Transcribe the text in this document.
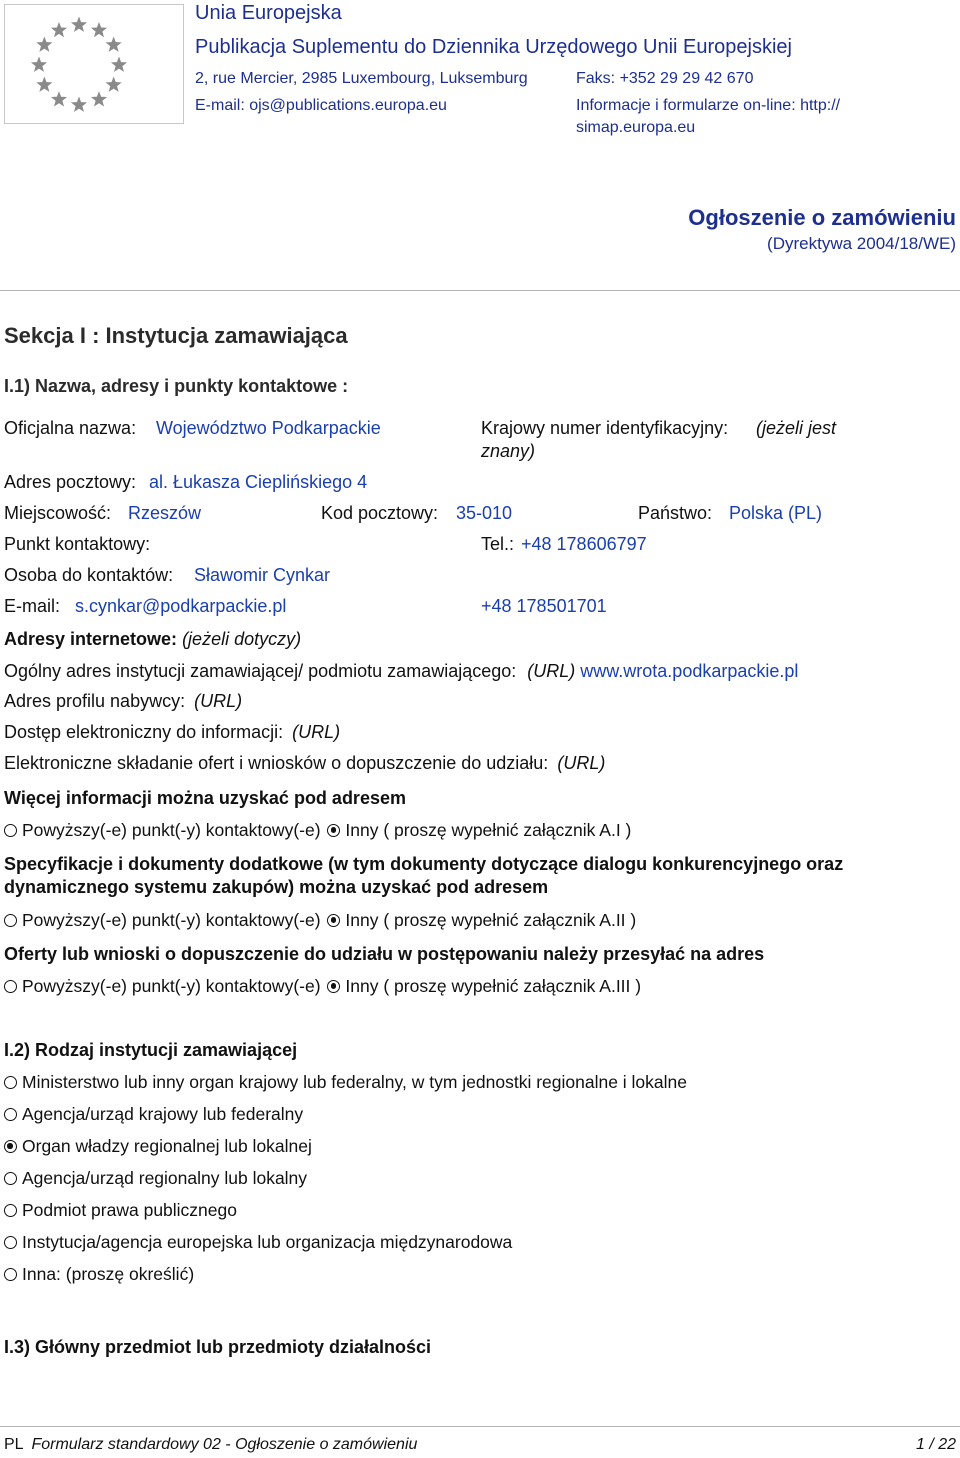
Unia Europejska
Publikacja Suplementu do Dziennika Urzędowego Unii Europejskiej
2, rue Mercier, 2985 Luxembourg, Luksemburg	Faks: +352 29 29 42 670
E-mail: ojs@publications.europa.eu	Informacje i formularze on-line: http://
simap.europa.eu
Ogłoszenie o zamówieniu
(Dyrektywa 2004/18/WE)
Sekcja I : Instytucja zamawiająca
I.1) Nazwa, adresy i punkty kontaktowe :
Oficjalna nazwa: Województwo Podkarpackie	Krajowy numer identyfikacyjny: (jeżeli jest
znany)
Adres pocztowy: al. Łukasza Cieplińskiego 4
Miejscowość: Rzeszów	Kod pocztowy: 35-010	Państwo: Polska (PL)
Punkt kontaktowy:	Tel.: +48 178606797
Osoba do kontaktów: Sławomir Cynkar
E-mail: s.cynkar@podkarpackie.pl	+48 178501701
Adresy internetowe: (jeżeli dotyczy)
Ogólny adres instytucji zamawiającej/ podmiotu zamawiającego: (URL) www.wrota.podkarpackie.pl
Adres profilu nabywcy: (URL)
Dostęp elektroniczny do informacji: (URL)
Elektroniczne składanie ofert i wniosków o dopuszczenie do udziału: (URL)
Więcej informacji można uzyskać pod adresem
Powyższy(-e) punkt(-y) kontaktowy(-e) Inny ( proszę wypełnić załącznik A.I )
Specyfikacje i dokumenty dodatkowe (w tym dokumenty dotyczące dialogu konkurencyjnego oraz
dynamicznego systemu zakupów) można uzyskać pod adresem
Powyższy(-e) punkt(-y) kontaktowy(-e) Inny ( proszę wypełnić załącznik A.II )
Oferty lub wnioski o dopuszczenie do udziału w postępowaniu należy przesyłać na adres
Powyższy(-e) punkt(-y) kontaktowy(-e) Inny ( proszę wypełnić załącznik A.III )
I.2) Rodzaj instytucji zamawiającej
Ministerstwo lub inny organ krajowy lub federalny, w tym jednostki regionalne i lokalne
Agencja/urząd krajowy lub federalny
Organ władzy regionalnej lub lokalnej
Agencja/urząd regionalny lub lokalny
Podmiot prawa publicznego
Instytucja/agencja europejska lub organizacja międzynarodowa
Inna: (proszę określić)
I.3) Główny przedmiot lub przedmioty działalności
PL Formularz standardowy 02 - Ogłoszenie o zamówieniu	1 / 22
